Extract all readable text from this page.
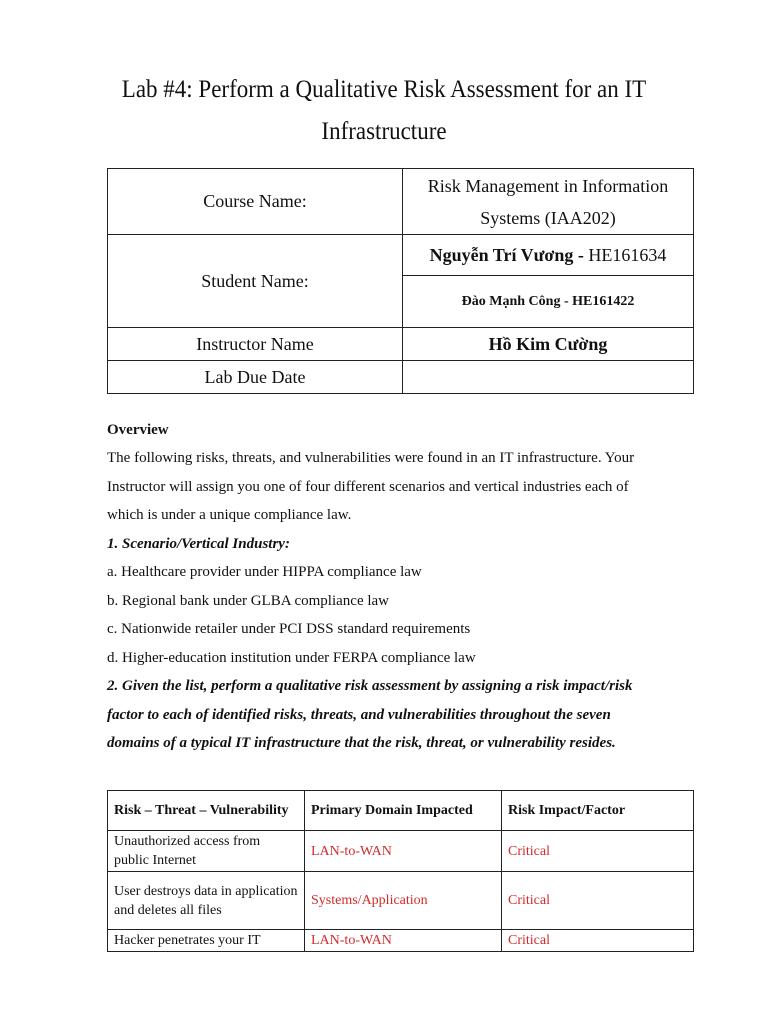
Lab #4: Perform a Qualitative Risk Assessment for an IT
Infrastructure
Course Name:	Risk Management in Information
Systems (IAA202)

Student Name:	Nguyễn Trí Vương - HE161634
	Đào Mạnh Công - HE161422
Instructor Name	Hồ Kim Cường
Lab Due Date	
Overview
The following risks, threats, and vulnerabilities were found in an IT infrastructure. Your
Instructor will assign you one of four different scenarios and vertical industries each of
which is under a unique compliance law.
1. Scenario/Vertical Industry:
a. Healthcare provider under HIPPA compliance law
b. Regional bank under GLBA compliance law
c. Nationwide retailer under PCI DSS standard requirements
d. Higher-education institution under FERPA compliance law
2. Given the list, perform a qualitative risk assessment by assigning a risk impact/risk
factor to each of identified risks, threats, and vulnerabilities throughout the seven
domains of a typical IT infrastructure that the risk, threat, or vulnerability resides.
Risk – Threat – Vulnerability	Primary Domain Impacted	Risk Impact/Factor
Unauthorized access from public Internet	LAN-to-WAN	Critical
User destroys data in application and deletes all files	Systems/Application	Critical
Hacker penetrates your IT	LAN-to-WAN	Critical
